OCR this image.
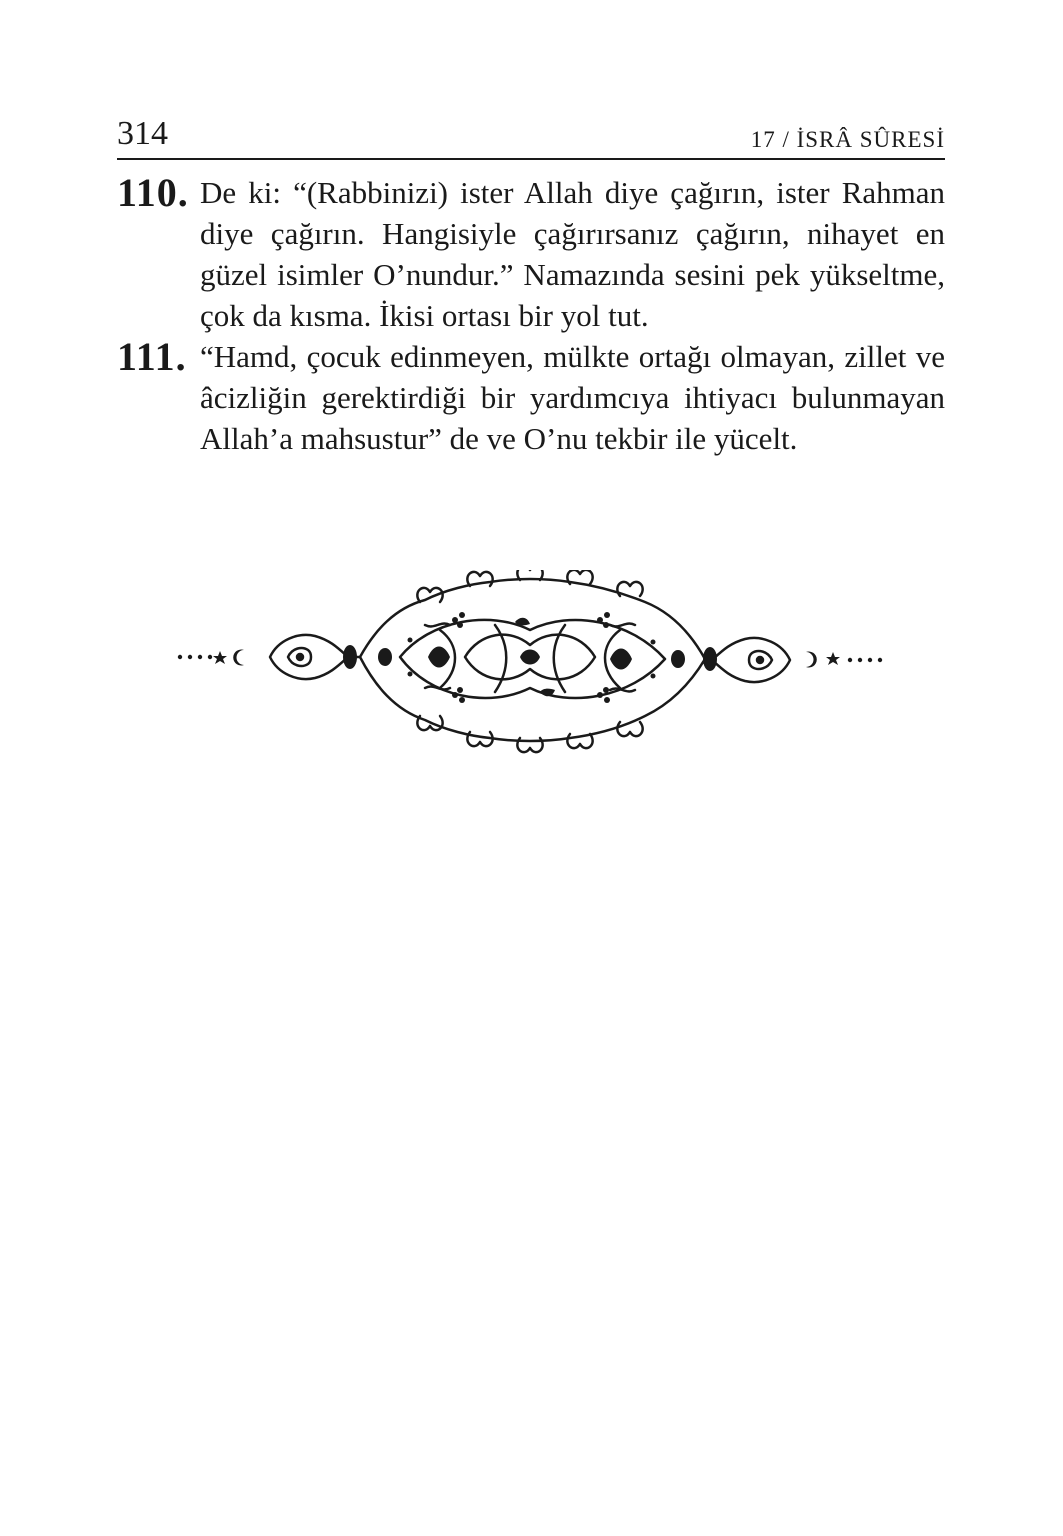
314	17 / İSRÂ SÛRESİ
110. De ki: “(Rabbinizi) ister Allah diye çağırın, ister Rahman diye çağırın. Hangisiyle çağırırsanız çağırın, nihayet en güzel isimler O’nundur.” Namazında sesini pek yükseltme, çok da kısma. İkisi ortası bir yol tut.
111. “Hamd, çocuk edinmeyen, mülkte ortağı olmayan, zillet ve âcizliğin gerektirdiği bir yardımcıya ihtiyacı bulunmayan Allah’a mahsustur” de ve O’nu tekbir ile yücelt.
